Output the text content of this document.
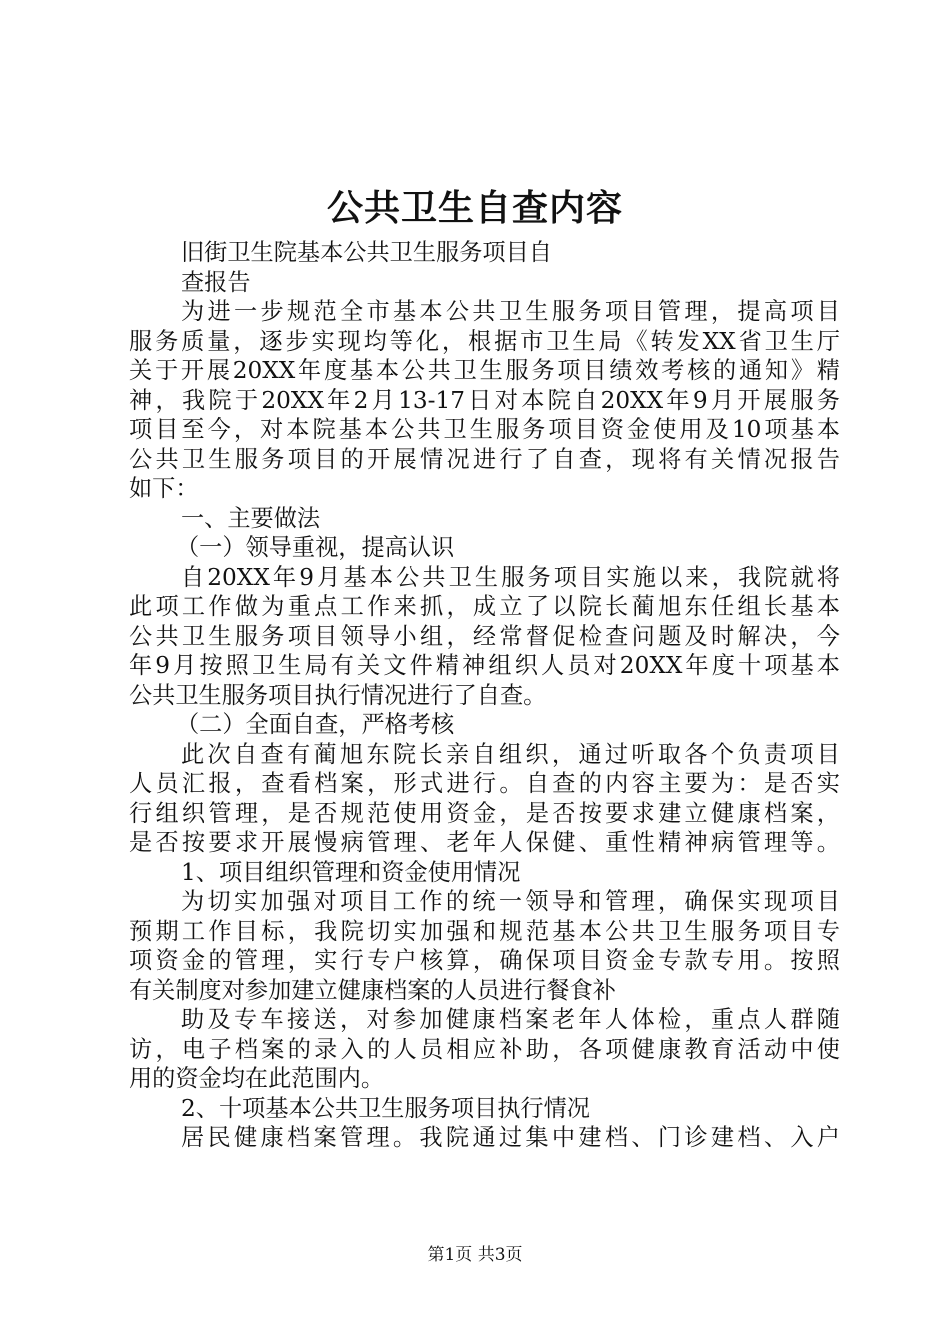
公共卫生自查内容
旧街卫生院基本公共卫生服务项目自
查报告
为进一步规范全市基本公共卫生服务项目管理，提高项目
服务质量，逐步实现均等化，根据市卫生局《转发XX省卫生厅
关于开展20XX年度基本公共卫生服务项目绩效考核的通知》精
神，我院于20XX年2月13-17日对本院自20XX年9月开展服务
项目至今，对本院基本公共卫生服务项目资金使用及10项基本
公共卫生服务项目的开展情况进行了自查，现将有关情况报告
如下：
一、主要做法
（一）领导重视，提高认识
自20XX年9月基本公共卫生服务项目实施以来，我院就将
此项工作做为重点工作来抓，成立了以院长蔺旭东任组长基本
公共卫生服务项目领导小组，经常督促检查问题及时解决，今
年9月按照卫生局有关文件精神组织人员对20XX年度十项基本
公共卫生服务项目执行情况进行了自查。
（二）全面自查，严格考核
此次自查有蔺旭东院长亲自组织，通过听取各个负责项目
人员汇报，查看档案，形式进行。自查的内容主要为：是否实
行组织管理，是否规范使用资金，是否按要求建立健康档案，
是否按要求开展慢病管理、老年人保健、重性精神病管理等。
1、项目组织管理和资金使用情况
为切实加强对项目工作的统一领导和管理，确保实现项目
预期工作目标，我院切实加强和规范基本公共卫生服务项目专
项资金的管理，实行专户核算，确保项目资金专款专用。按照
有关制度对参加建立健康档案的人员进行餐食补
助及专车接送，对参加健康档案老年人体检，重点人群随
访，电子档案的录入的人员相应补助，各项健康教育活动中使
用的资金均在此范围内。
2、十项基本公共卫生服务项目执行情况
居民健康档案管理。我院通过集中建档、门诊建档、入户
第1页 共3页
